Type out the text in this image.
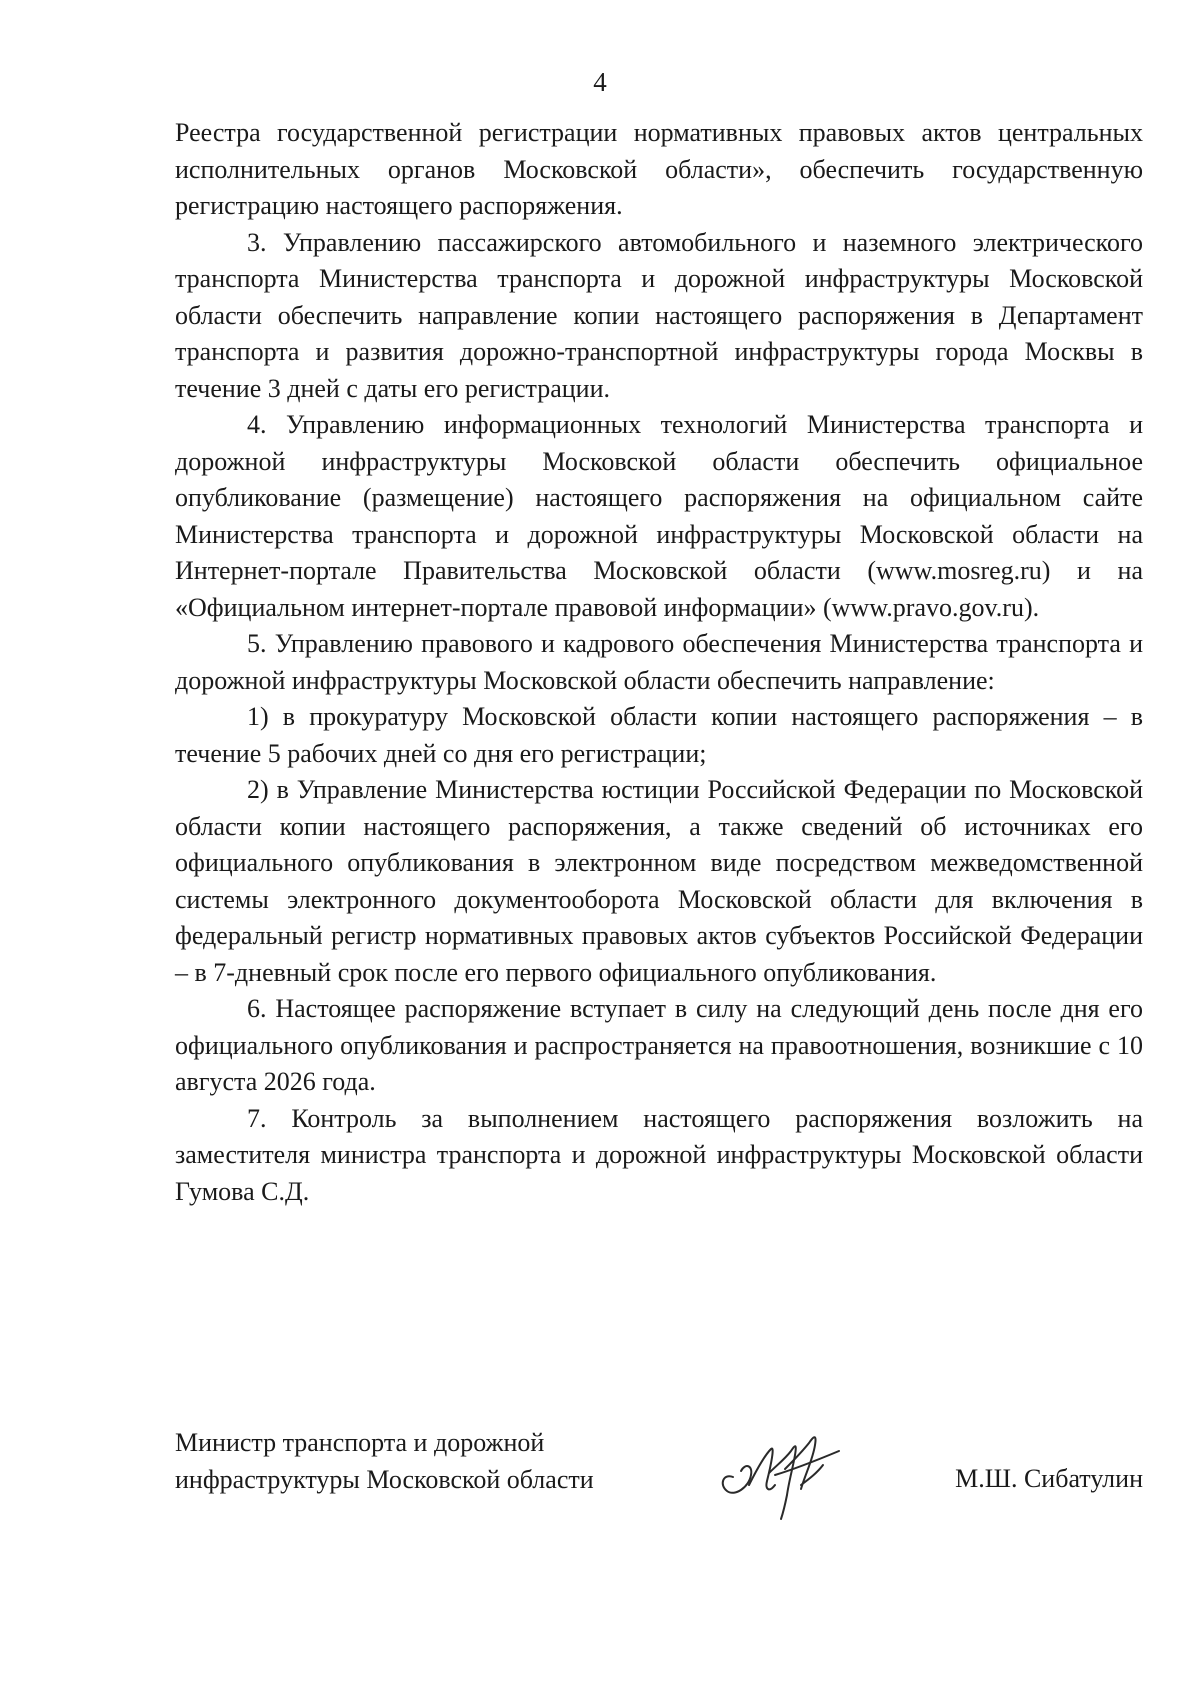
4

Реестра государственной регистрации нормативных правовых актов центральных исполнительных органов Московской области», обеспечить государственную регистрацию настоящего распоряжения.

3. Управлению пассажирского автомобильного и наземного электрического транспорта Министерства транспорта и дорожной инфраструктуры Московской области обеспечить направление копии настоящего распоряжения в Департамент транспорта и развития дорожно-транспортной инфраструктуры города Москвы в течение 3 дней с даты его регистрации.

4. Управлению информационных технологий Министерства транспорта и дорожной инфраструктуры Московской области обеспечить официальное опубликование (размещение) настоящего распоряжения на официальном сайте Министерства транспорта и дорожной инфраструктуры Московской области на Интернет-портале Правительства Московской области (www.mosreg.ru) и на «Официальном интернет-портале правовой информации» (www.pravo.gov.ru).

5. Управлению правового и кадрового обеспечения Министерства транспорта и дорожной инфраструктуры Московской области обеспечить направление:

1) в прокуратуру Московской области копии настоящего распоряжения – в течение 5 рабочих дней со дня его регистрации;

2) в Управление Министерства юстиции Российской Федерации по Московской области копии настоящего распоряжения, а также сведений об источниках его официального опубликования в электронном виде посредством межведомственной системы электронного документооборота Московской области для включения в федеральный регистр нормативных правовых актов субъектов Российской Федерации – в 7-дневный срок после его первого официального опубликования.

6. Настоящее распоряжение вступает в силу на следующий день после дня его официального опубликования и распространяется на правоотношения, возникшие с 10 августа 2026 года.

7. Контроль за выполнением настоящего распоряжения возложить на заместителя министра транспорта и дорожной инфраструктуры Московской области Гумова С.Д.

Министр транспорта и дорожной
инфраструктуры Московской области	М.Ш. Сибатулин
